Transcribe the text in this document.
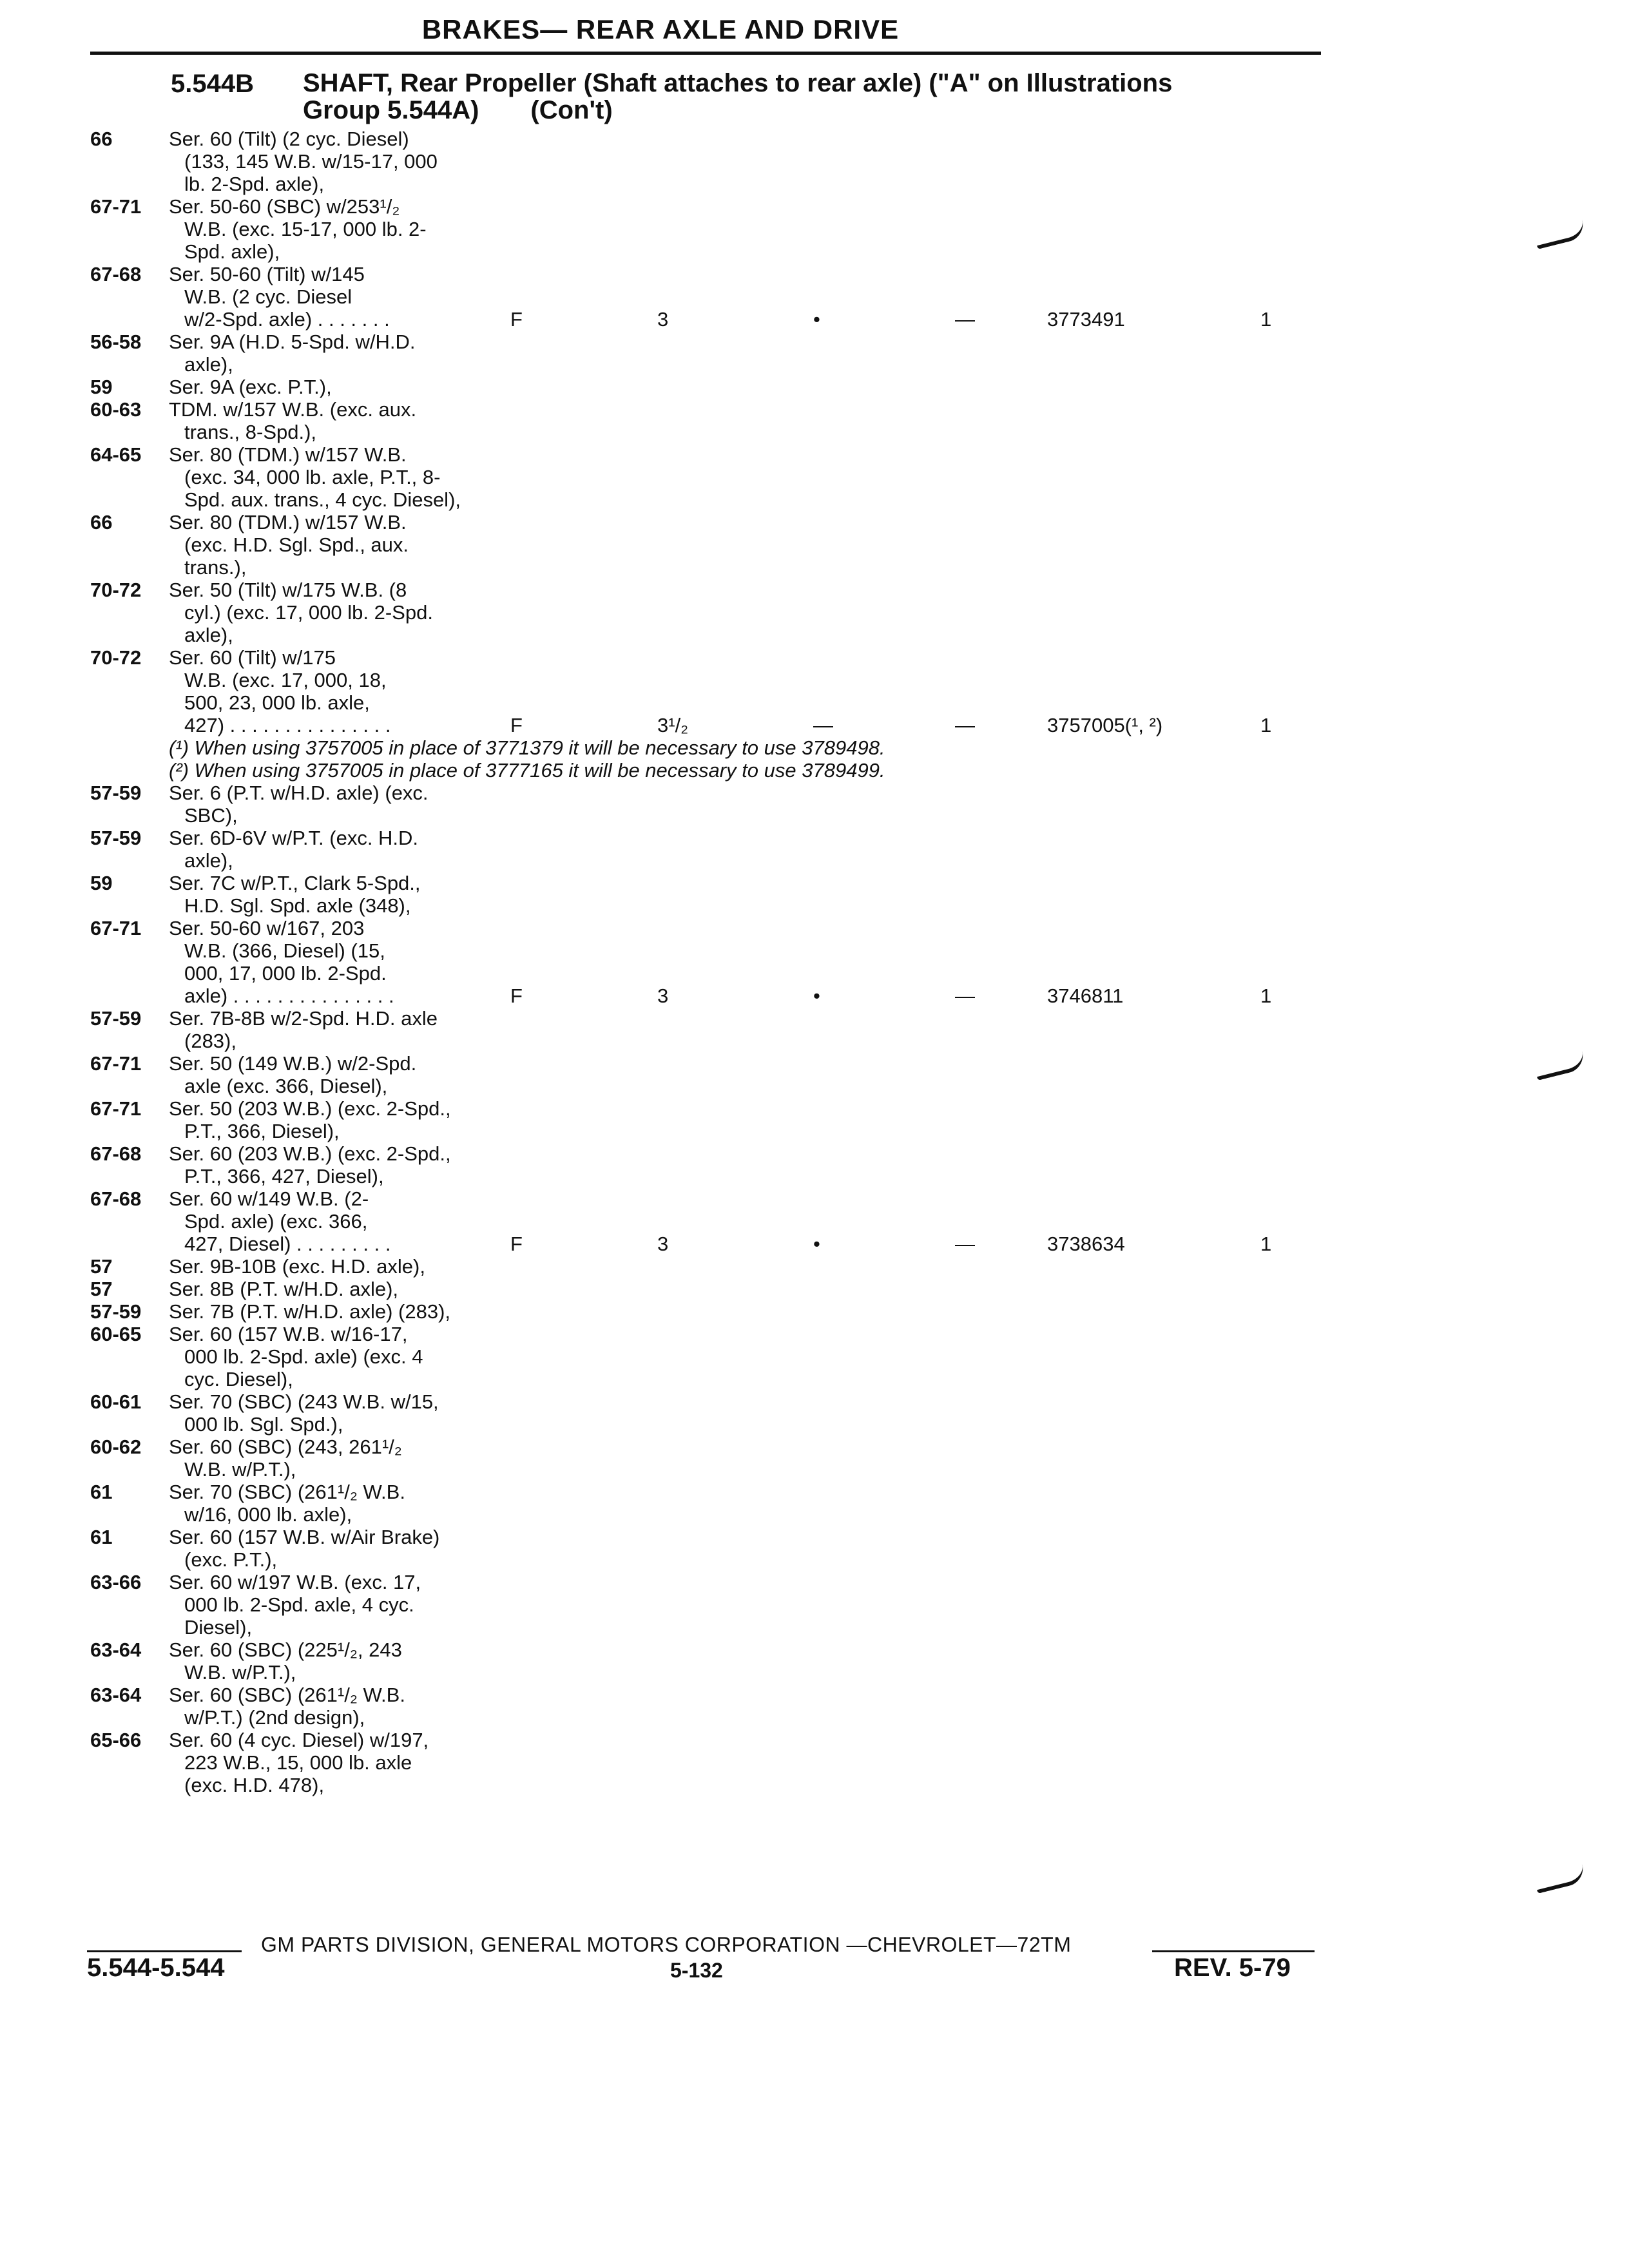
BRAKES— REAR AXLE AND DRIVE
5.544B SHAFT, Rear Propeller (Shaft attaches to rear axle) ("A" on Illustrations
Group 5.544A) (Con't)
66	Ser. 60 (Tilt) (2 cyc. Diesel)
(133, 145 W.B. w/15-17, 000
lb. 2-Spd. axle),
67-71 Ser. 50-60 (SBC) w/253¹/₂
W.B. (exc. 15-17, 000 lb. 2-
Spd. axle),
67-68 Ser. 50-60 (Tilt) w/145
W.B. (2 cyc. Diesel
w/2-Spd. axle) . . . . . . .	F	3	•	—	3773491	1
56-58 Ser. 9A (H.D. 5-Spd. w/H.D.
axle),
59	Ser. 9A (exc. P.T.),
60-63 TDM. w/157 W.B. (exc. aux.
trans., 8-Spd.),
64-65 Ser. 80 (TDM.) w/157 W.B.
(exc. 34, 000 lb. axle, P.T., 8-
Spd. aux. trans., 4 cyc. Diesel),
66	Ser. 80 (TDM.) w/157 W.B.
(exc. H.D. Sgl. Spd., aux.
trans.),
70-72 Ser. 50 (Tilt) w/175 W.B. (8
cyl.) (exc. 17, 000 lb. 2-Spd.
axle),
70-72 Ser. 60 (Tilt) w/175
W.B. (exc. 17, 000, 18,
500, 23, 000 lb. axle,
427) . . . . . . . . . . . . . . .	F	3¹/₂	—	—	3757005(¹, ²)	1
57-59 Ser. 6 (P.T. w/H.D. axle) (exc.
SBC),
57-59 Ser. 6D-6V w/P.T. (exc. H.D.
axle),
59	Ser. 7C w/P.T., Clark 5-Spd.,
H.D. Sgl. Spd. axle (348),
67-71 Ser. 50-60 w/167, 203
W.B. (366, Diesel) (15,
000, 17, 000 lb. 2-Spd.
axle) . . . . . . . . . . . . . . .	F	3	•	—	3746811	1
57-59 Ser. 7B-8B w/2-Spd. H.D. axle
(283),
67-71 Ser. 50 (149 W.B.) w/2-Spd.
axle (exc. 366, Diesel),
67-71 Ser. 50 (203 W.B.) (exc. 2-Spd.,
P.T., 366, Diesel),
67-68 Ser. 60 (203 W.B.) (exc. 2-Spd.,
P.T., 366, 427, Diesel),
67-68 Ser. 60 w/149 W.B. (2-
Spd. axle) (exc. 366,
427, Diesel) . . . . . . . . .	F	3	•	—	3738634	1
57	Ser. 9B-10B (exc. H.D. axle),
57	Ser. 8B (P.T. w/H.D. axle),
57-59 Ser. 7B (P.T. w/H.D. axle) (283),
60-65 Ser. 60 (157 W.B. w/16-17,
000 lb. 2-Spd. axle) (exc. 4
cyc. Diesel),
60-61 Ser. 70 (SBC) (243 W.B. w/15,
000 lb. Sgl. Spd.),
60-62 Ser. 60 (SBC) (243, 261¹/₂
W.B. w/P.T.),
61	Ser. 70 (SBC) (261¹/₂ W.B.
w/16, 000 lb. axle),
61	Ser. 60 (157 W.B. w/Air Brake)
(exc. P.T.),
63-66 Ser. 60 w/197 W.B. (exc. 17,
000 lb. 2-Spd. axle, 4 cyc.
Diesel),
63-64 Ser. 60 (SBC) (225¹/₂, 243
W.B. w/P.T.),
63-64 Ser. 60 (SBC) (261¹/₂ W.B.
w/P.T.) (2nd design),
65-66 Ser. 60 (4 cyc. Diesel) w/197,
223 W.B., 15, 000 lb. axle
(exc. H.D. 478),
(¹) When using 3757005 in place of 3771379 it will be necessary to use 3789498.
(²) When using 3757005 in place of 3777165 it will be necessary to use 3789499.
GM PARTS DIVISION, GENERAL MOTORS CORPORATION —CHEVROLET—72TM
5.544-5.544	5-132	REV. 5-79
